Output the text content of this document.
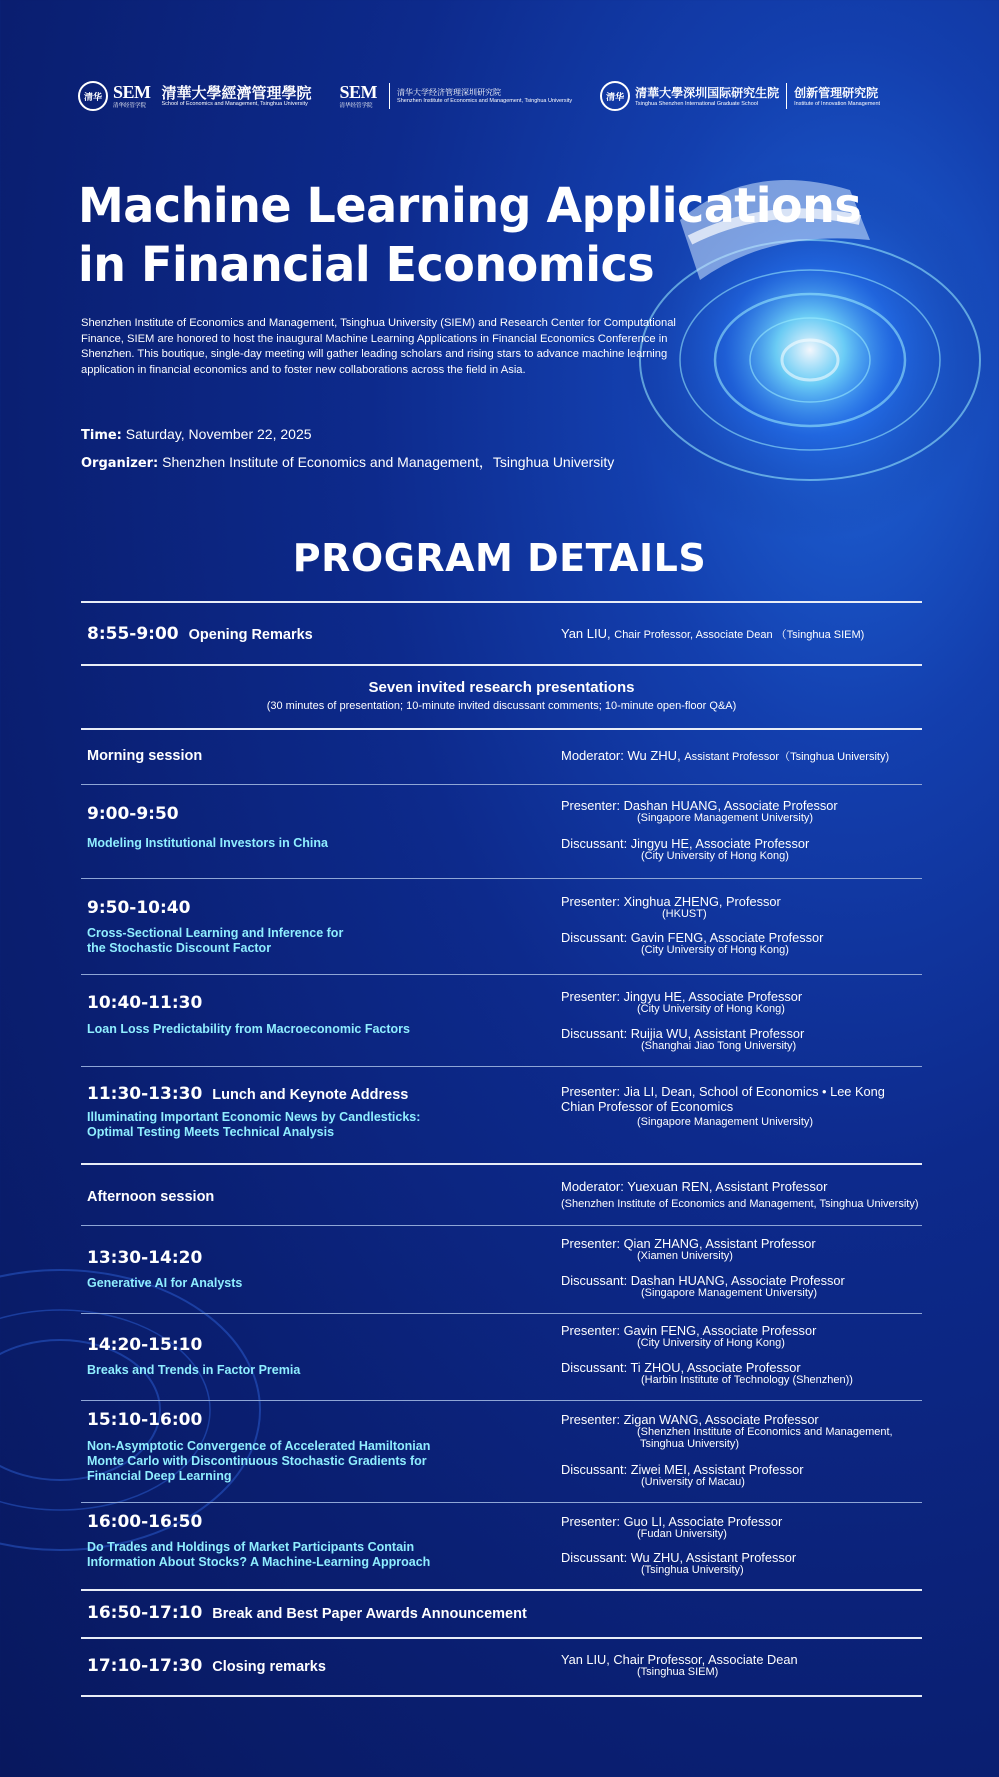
清华 SEM
清华经管学院
清華大學經濟管理學院
School of Economics and Management, Tsinghua University
SEM
清华经管学院
清华大学经济管理深圳研究院
Shenzhen Institute of Economics and Management, Tsinghua University	清华 清華大學深圳国际研究生院
Tsinghua Shenzhen International Graduate School
创新管理研究院
Institute of Innovation Management
Machine Learning Applications
in Financial Economics
Shenzhen Institute of Economics and Management, Tsinghua University (SIEM) and Research Center for Computational Finance, SIEM are honored to host the inaugural Machine Learning Applications in Financial Economics Conference in Shenzhen. This boutique, single-day meeting will gather leading scholars and rising stars to advance machine learning application in financial economics and to foster new collaborations across the field in Asia.
Time: Saturday, November 22, 2025
Organizer: Shenzhen Institute of Economics and Management，Tsinghua University
PROGRAM DETAILS
8:55-9:00 Opening Remarks	Yan LIU, Chair Professor, Associate Dean （Tsinghua SIEM)
Seven invited research presentations
(30 minutes of presentation; 10-minute invited discussant comments; 10-minute open-floor Q&A)
Morning session	Moderator: Wu ZHU, Assistant Professor（Tsinghua University)
9:00-9:50
Modeling Institutional Investors in China
Presenter: Dashan HUANG, Associate Professor
(Singapore Management University)
Discussant: Jingyu HE, Associate Professor
(City University of Hong Kong)
9:50-10:40
Cross-Sectional Learning and Inference for
the Stochastic Discount Factor
Presenter: Xinghua ZHENG, Professor
(HKUST)
Discussant: Gavin FENG, Associate Professor
(City University of Hong Kong)
10:40-11:30
Loan Loss Predictability from Macroeconomic Factors
Presenter: Jingyu HE, Associate Professor
(City University of Hong Kong)
Discussant: Ruijia WU, Assistant Professor
(Shanghai Jiao Tong University)
11:30-13:30 Lunch and Keynote Address
Illuminating Important Economic News by Candlesticks:
Optimal Testing Meets Technical Analysis
Presenter: Jia LI, Dean, School of Economics • Lee Kong
Chian Professor of Economics
(Singapore Management University)
Afternoon session
Moderator: Yuexuan REN, Assistant Professor
(Shenzhen Institute of Economics and Management, Tsinghua University)
13:30-14:20
Generative AI for Analysts
Presenter: Qian ZHANG, Assistant Professor
(Xiamen University)
Discussant: Dashan HUANG, Associate Professor
(Singapore Management University)
14:20-15:10
Breaks and Trends in Factor Premia
Presenter: Gavin FENG, Associate Professor
(City University of Hong Kong)
Discussant: Ti ZHOU, Associate Professor
(Harbin Institute of Technology (Shenzhen))
15:10-16:00
Non-Asymptotic Convergence of Accelerated Hamiltonian
Monte Carlo with Discontinuous Stochastic Gradients for
Financial Deep Learning
Presenter: Zigan WANG, Associate Professor
(Shenzhen Institute of Economics and Management,
Tsinghua University)
Discussant: Ziwei MEI, Assistant Professor
(University of Macau)
16:00-16:50
Do Trades and Holdings of Market Participants Contain
Information About Stocks? A Machine-Learning Approach
Presenter: Guo LI, Associate Professor
(Fudan University)
Discussant: Wu ZHU, Assistant Professor
(Tsinghua University)
16:50-17:10 Break and Best Paper Awards Announcement
17:10-17:30 Closing remarks	Yan LIU, Chair Professor, Associate Dean
(Tsinghua SIEM)
